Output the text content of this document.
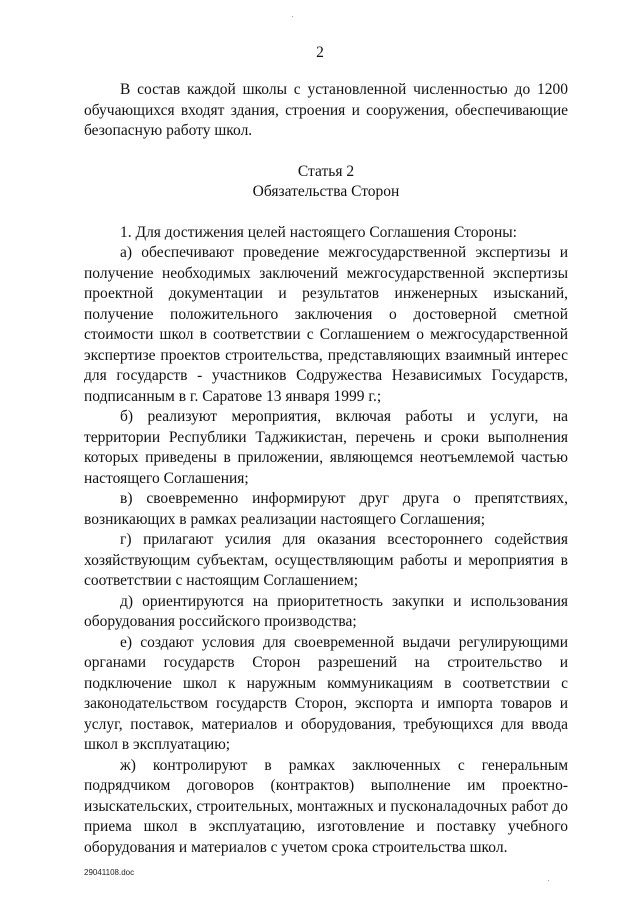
2

В состав каждой школы с установленной численностью до 1200 обучающихся входят здания, строения и сооружения, обеспечивающие безопасную работу школ.

Статья 2

Обязательства Сторон

1. Для достижения целей настоящего Соглашения Стороны:

а) обеспечивают проведение межгосударственной экспертизы и получение необходимых заключений межгосударственной экспертизы проектной документации и результатов инженерных изысканий, получение положительного заключения о достоверной сметной стоимости школ в соответствии с Соглашением о межгосударственной экспертизе проектов строительства, представляющих взаимный интерес для государств - участников Содружества Независимых Государств, подписанным в г. Саратове 13 января 1999 г.;

б) реализуют мероприятия, включая работы и услуги, на территории Республики Таджикистан, перечень и сроки выполнения которых приведены в приложении, являющемся неотъемлемой частью настоящего Соглашения;

в) своевременно информируют друг друга о препятствиях, возникающих в рамках реализации настоящего Соглашения;

г) прилагают усилия для оказания всестороннего содействия хозяйствующим субъектам, осуществляющим работы и мероприятия в соответствии с настоящим Соглашением;

д) ориентируются на приоритетность закупки и использования оборудования российского производства;

е) создают условия для своевременной выдачи регулирующими органами государств Сторон разрешений на строительство и подключение школ к наружным коммуникациям в соответствии с законодательством государств Сторон, экспорта и импорта товаров и услуг, поставок, материалов и оборудования, требующихся для ввода школ в эксплуатацию;

ж) контролируют в рамках заключенных с генеральным подрядчиком договоров (контрактов) выполнение им проектно-изыскательских, строительных, монтажных и пусконаладочных работ до приема школ в эксплуатацию, изготовление и поставку учебного оборудования и материалов с учетом срока строительства школ.

29041108.doc
